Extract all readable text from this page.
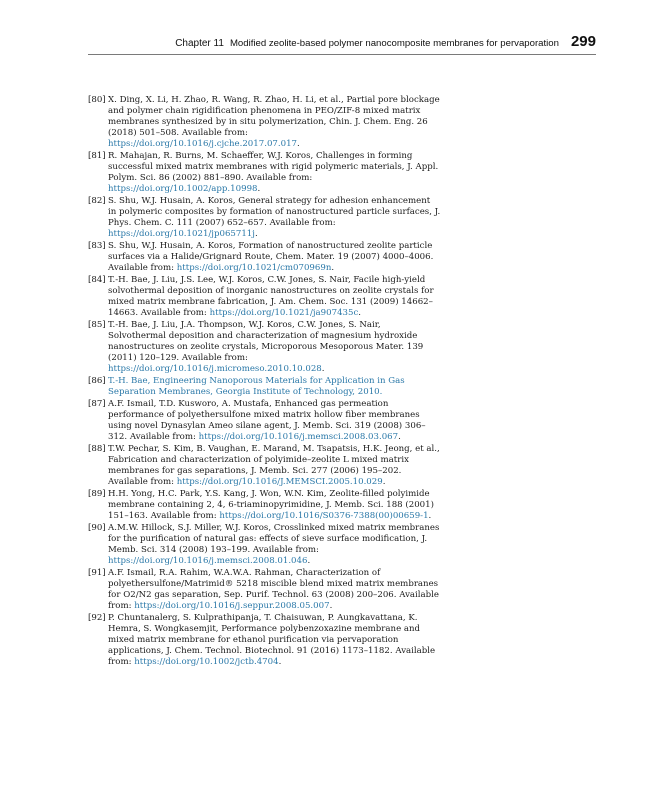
Chapter 11 Modified zeolite-based polymer nanocomposite membranes for pervaporation 299
[80] X. Ding, X. Li, H. Zhao, R. Wang, R. Zhao, H. Li, et al., Partial pore blockage and polymer chain rigidification phenomena in PEO/ZIF-8 mixed matrix membranes synthesized by in situ polymerization, Chin. J. Chem. Eng. 26 (2018) 501–508. Available from: https://doi.org/10.1016/j.cjche.2017.07.017.
[81] R. Mahajan, R. Burns, M. Schaeffer, W.J. Koros, Challenges in forming successful mixed matrix membranes with rigid polymeric materials, J. Appl. Polym. Sci. 86 (2002) 881–890. Available from: https://doi.org/10.1002/app.10998.
[82] S. Shu, W.J. Husain, A. Koros, General strategy for adhesion enhancement in polymeric composites by formation of nanostructured particle surfaces, J. Phys. Chem. C. 111 (2007) 652–657. Available from: https://doi.org/10.1021/jp065711j.
[83] S. Shu, W.J. Husain, A. Koros, Formation of nanostructured zeolite particle surfaces via a Halide/Grignard Route, Chem. Mater. 19 (2007) 4000–4006. Available from: https://doi.org/10.1021/cm070969n.
[84] T.-H. Bae, J. Liu, J.S. Lee, W.J. Koros, C.W. Jones, S. Nair, Facile high-yield solvothermal deposition of inorganic nanostructures on zeolite crystals for mixed matrix membrane fabrication, J. Am. Chem. Soc. 131 (2009) 14662–14663. Available from: https://doi.org/10.1021/ja907435c.
[85] T.-H. Bae, J. Liu, J.A. Thompson, W.J. Koros, C.W. Jones, S. Nair, Solvothermal deposition and characterization of magnesium hydroxide nanostructures on zeolite crystals, Microporous Mesoporous Mater. 139 (2011) 120–129. Available from: https://doi.org/10.1016/j.micromeso.2010.10.028.
[86] T.-H. Bae, Engineering Nanoporous Materials for Application in Gas Separation Membranes, Georgia Institute of Technology, 2010.
[87] A.F. Ismail, T.D. Kusworo, A. Mustafa, Enhanced gas permeation performance of polyethersulfone mixed matrix hollow fiber membranes using novel Dynasylan Ameo silane agent, J. Memb. Sci. 319 (2008) 306–312. Available from: https://doi.org/10.1016/j.memsci.2008.03.067.
[88] T.W. Pechar, S. Kim, B. Vaughan, E. Marand, M. Tsapatsis, H.K. Jeong, et al., Fabrication and characterization of polyimide–zeolite L mixed matrix membranes for gas separations, J. Memb. Sci. 277 (2006) 195–202. Available from: https://doi.org/10.1016/J.MEMSCI.2005.10.029.
[89] H.H. Yong, H.C. Park, Y.S. Kang, J. Won, W.N. Kim, Zeolite-filled polyimide membrane containing 2, 4, 6-triaminopyrimidine, J. Memb. Sci. 188 (2001) 151–163. Available from: https://doi.org/10.1016/S0376-7388(00)00659-1.
[90] A.M.W. Hillock, S.J. Miller, W.J. Koros, Crosslinked mixed matrix membranes for the purification of natural gas: effects of sieve surface modification, J. Memb. Sci. 314 (2008) 193–199. Available from: https://doi.org/10.1016/j.memsci.2008.01.046.
[91] A.F. Ismail, R.A. Rahim, W.A.W.A. Rahman, Characterization of polyethersulfone/Matrimid® 5218 miscible blend mixed matrix membranes for O2/N2 gas separation, Sep. Purif. Technol. 63 (2008) 200–206. Available from: https://doi.org/10.1016/j.seppur.2008.05.007.
[92] P. Chuntanalerg, S. Kulprathipanja, T. Chaisuwan, P. Aungkavattana, K. Hemra, S. Wongkasemjit, Performance polybenzoxazine membrane and mixed matrix membrane for ethanol purification via pervaporation applications, J. Chem. Technol. Biotechnol. 91 (2016) 1173–1182. Available from: https://doi.org/10.1002/jctb.4704.
